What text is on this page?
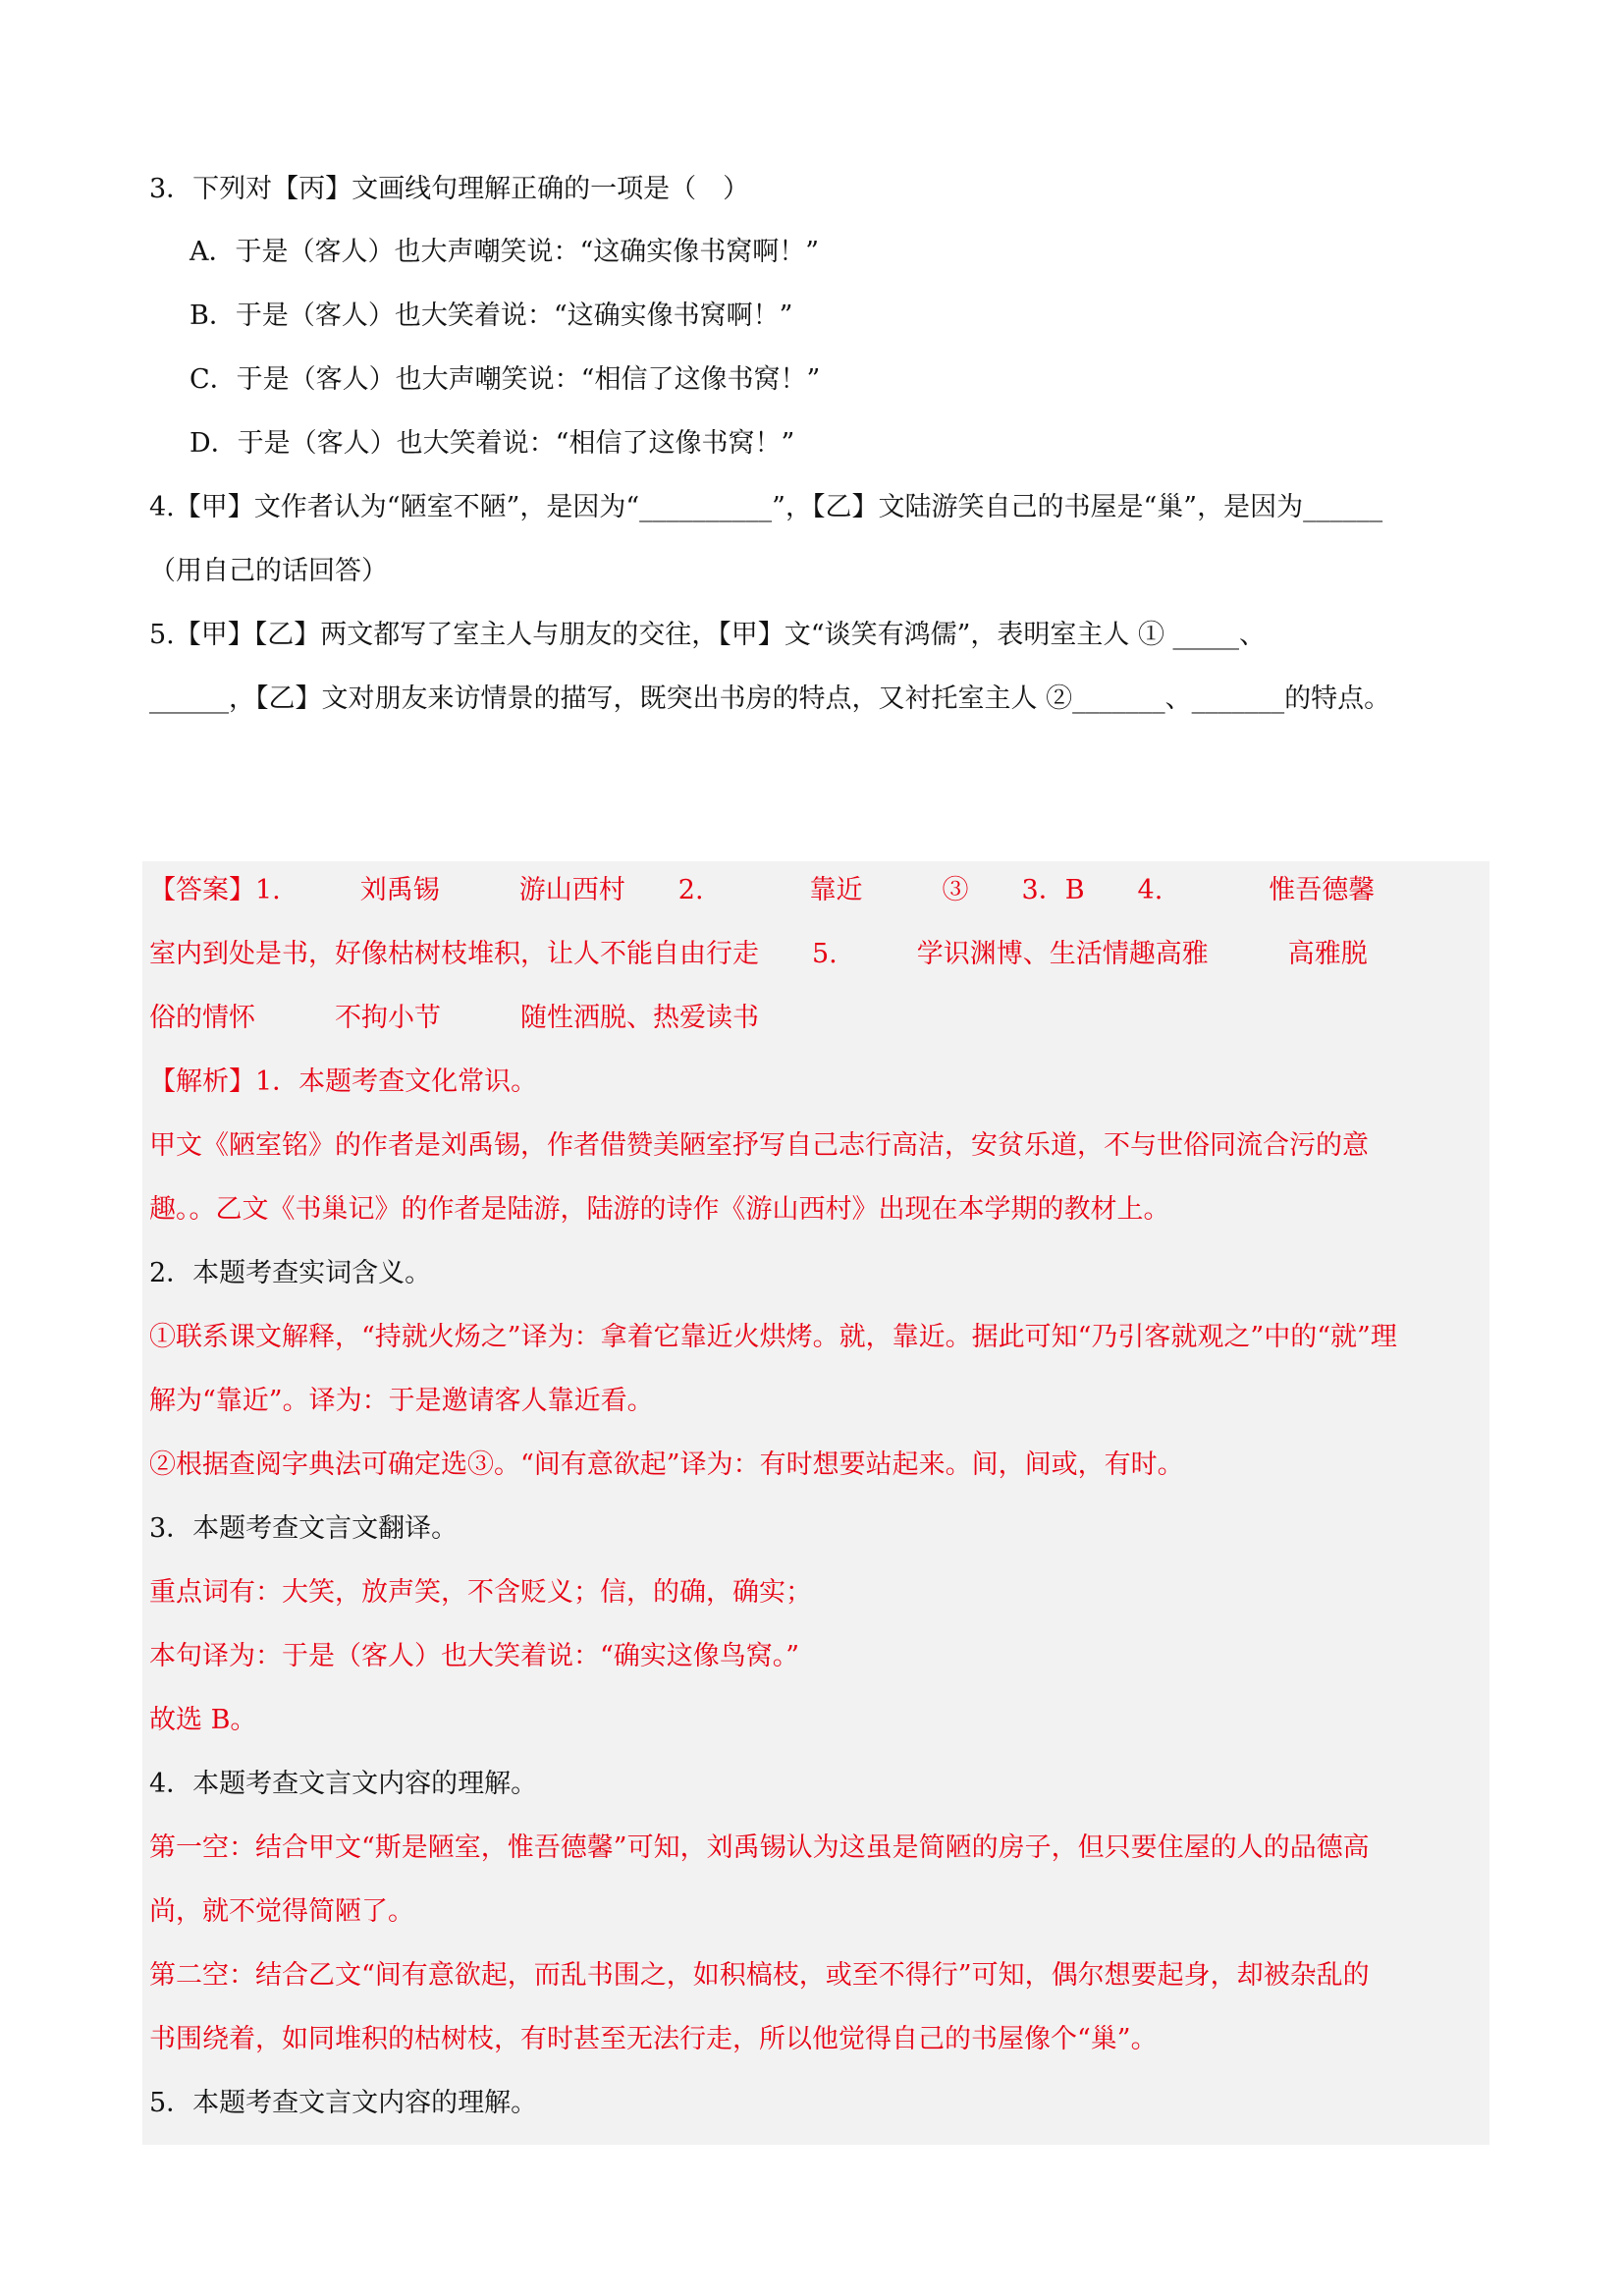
3．下列对【丙】文画线句理解正确的一项是（　）
A．于是（客人）也大声嘲笑说：“这确实像书窝啊！”
B．于是（客人）也大笑着说：“这确实像书窝啊！”
C．于是（客人）也大声嘲笑说：“相信了这像书窝！”
D．于是（客人）也大笑着说：“相信了这像书窝！”
4.【甲】文作者认为“陋室不陋”，是因为“__________”，【乙】文陆游笑自己的书屋是“巢”，是因为______
（用自己的话回答）
5.【甲】【乙】两文都写了室主人与朋友的交往，【甲】文“谈笑有鸿儒”，表明室主人 ① _____、
______，【乙】文对朋友来访情景的描写，既突出书房的特点，又衬托室主人 ②_______、_______的特点。
【答案】1.　　　刘禹锡　　　游山西村　　2.　　　　靠近　　　③　　3．B　　4.　　　　惟吾德馨
室内到处是书，好像枯树枝堆积，让人不能自由行走　　5.　　　学识渊博、生活情趣高雅　　　高雅脱
俗的情怀　　　不拘小节　　　随性洒脱、热爱读书
【解析】1．本题考查文化常识。
甲文《陋室铭》的作者是刘禹锡，作者借赞美陋室抒写自己志行高洁，安贫乐道，不与世俗同流合污的意
趣。。乙文《书巢记》的作者是陆游，陆游的诗作《游山西村》出现在本学期的教材上。
2．本题考查实词含义。
①联系课文解释，“持就火炀之”译为：拿着它靠近火烘烤。就，靠近。据此可知“乃引客就观之”中的“就”理
解为“靠近”。译为：于是邀请客人靠近看。
②根据查阅字典法可确定选③。“间有意欲起”译为：有时想要站起来。间，间或，有时。
3．本题考查文言文翻译。
重点词有：大笑，放声笑，不含贬义；信，的确，确实；
本句译为：于是（客人）也大笑着说：“确实这像鸟窝。”
故选 B。
4．本题考查文言文内容的理解。
第一空：结合甲文“斯是陋室，惟吾德馨”可知，刘禹锡认为这虽是简陋的房子，但只要住屋的人的品德高
尚，就不觉得简陋了。
第二空：结合乙文“间有意欲起，而乱书围之，如积槁枝，或至不得行”可知，偶尔想要起身，却被杂乱的
书围绕着，如同堆积的枯树枝，有时甚至无法行走，所以他觉得自己的书屋像个“巢”。
5．本题考查文言文内容的理解。
